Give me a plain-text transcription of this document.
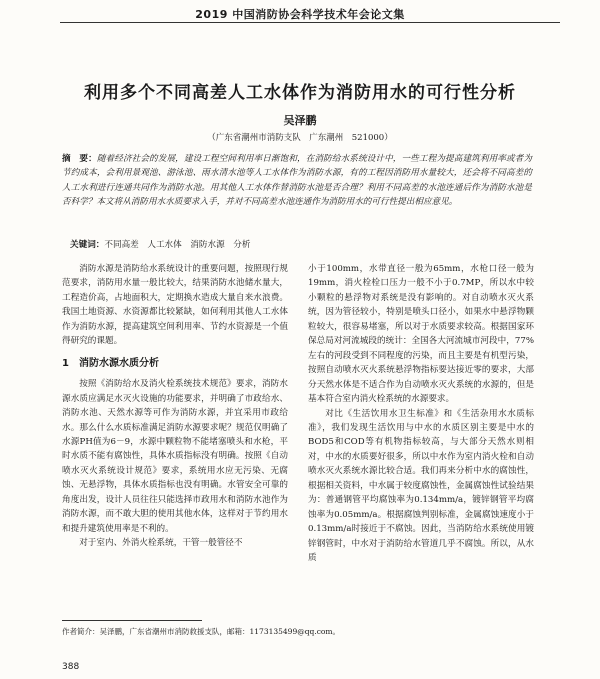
2019 中国消防协会科学技术年会论文集
利用多个不同高差人工水体作为消防用水的可行性分析
吴泽鹏
（广东省潮州市消防支队　广东潮州　521000）
摘　要：随着经济社会的发展，建设工程空间利用率日渐饱和，在消防给水系统设计中，一些工程为提高建筑利用率或者为节约成本，会利用景观池、游泳池、雨水清水池等人工水体作为消防水源，有的工程因消防用水量较大，还会将不同高差的人工水利进行连通共同作为消防水池。用其他人工水体作替消防水池是否合理？利用不同高差的水池连通后作为消防水池是否科学？本文将从消防用水水质要求入手，并对不同高差水池连通作为消防用水的可行性提出相应意见。
关键词：不同高差　人工水体　消防水源　分析

消防水源是消防给水系统设计的重要问题，按照现行规范要求，消防用水量一般比较大，结果消防水池储水量大，工程造价高，占地面积大，定期换水造成大量自来水浪费。我国土地资源、水资源都比较紧缺，如何利用其他人工水体作为消防水源，提高建筑空间利用率、节约水资源是一个值得研究的课题。

1　消防水源水质分析

按照《消防给水及消火栓系统技术规范》要求，消防水源水质应满足水灭火设施的功能要求，并明确了市政给水、消防水池、天然水源等可作为消防水源，并宜采用市政给水。那么什么水质标准满足消防水源要求呢？规范仅明确了水源PH值为6－9，水源中颗粒物不能堵塞喷头和水枪，平时水质不能有腐蚀性，具体水质指标没有明确。按照《自动喷水灭火系统设计规范》要求，系统用水应无污染、无腐蚀、无悬浮物，具体水质指标也没有明确。水管安全可靠的角度出发，设计人员往往只能选择市政用水和消防水池作为消防水源，而不敢大胆的使用其他水体，这样对于节约用水和提升建筑使用率是不利的。

对于室内、外消火栓系统，干管一般管径不

小于100mm，水带直径一般为65mm，水枪口径一般为19mm，消火栓栓口压力一般不小于0.7MP，所以水中较小颗粒的悬浮物对系统是没有影响的。对自动喷水灭火系统，因为管径较小，特别是喷头口径小，如果水中悬浮物颗粒较大，很容易堵塞，所以对于水质要求较高。根据国家环保总局对河流城段的统计：全国各大河流城市河段中，77%左右的河段受到不同程度的污染，而且主要是有机型污染，按照自动喷水灭火系统悬浮物指标要达接近零的要求，大部分天然水体是不适合作为自动喷水灭火系统的水源的，但是基本符合室内消火栓系统的水源要求。

对比《生活饮用水卫生标准》和《生活杂用水水质标准》，我们发现生活饮用与中水的水质区别主要是中水的BOD5和COD等有机物指标较高，与大部分天然水则相对，中水的水质要好很多，所以中水作为室内消火栓和自动喷水灭火系统水源比较合适。我们再来分析中水的腐蚀性，根据相关资料，中水属于较度腐蚀性，金属腐蚀性试验结果为：普通钢管平均腐蚀率为0.134mm/a，镀锌钢管平均腐蚀率为0.05mm/a。根据腐蚀判别标准，金属腐蚀速度小于0.13mm/a时接近于不腐蚀。因此，当消防给水系统使用镀锌钢管时，中水对于消防给水管道几乎不腐蚀。所以，从水质

作者简介：吴泽鹏，广东省潮州市消防救援支队，邮箱：1173135499@qq.com。
388
